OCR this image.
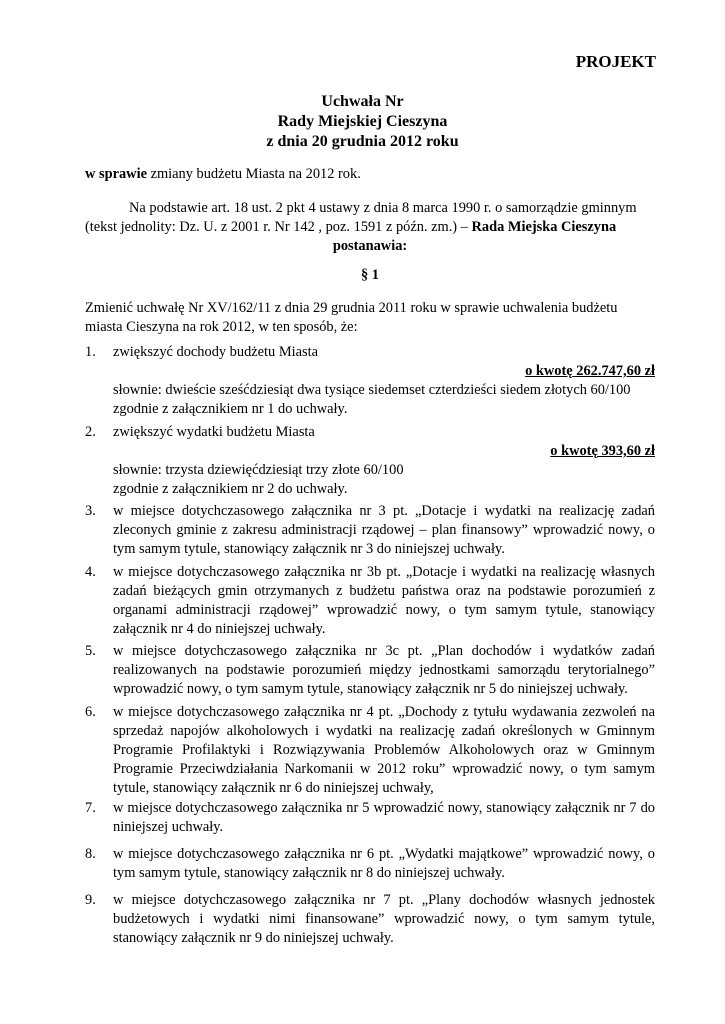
PROJEKT
Uchwała Nr
Rady Miejskiej Cieszyna
z dnia 20 grudnia 2012 roku
w sprawie zmiany budżetu Miasta na 2012 rok.
Na podstawie art. 18 ust. 2 pkt 4 ustawy z dnia 8 marca 1990 r. o samorządzie gminnym
(tekst jednolity: Dz. U. z 2001 r. Nr 142 , poz. 1591 z późn. zm.) – Rada Miejska Cieszyna
postanawia:
§ 1
Zmienić uchwałę Nr XV/162/11 z dnia 29 grudnia 2011 roku w sprawie uchwalenia budżetu
miasta Cieszyna na rok 2012, w ten sposób, że:
1.	zwiększyć dochody budżetu Miasta
o kwotę 262.747,60 zł
słownie: dwieście sześćdziesiąt dwa tysiące siedemset czterdzieści siedem złotych 60/100
zgodnie z załącznikiem nr 1 do uchwały.
2.	zwiększyć wydatki budżetu Miasta
o kwotę 393,60 zł
słownie: trzysta dziewięćdziesiąt trzy złote 60/100
zgodnie z załącznikiem nr 2 do uchwały.
3.	w miejsce dotychczasowego załącznika nr 3 pt. „Dotacje i wydatki na realizację zadań zleconych gminie z zakresu administracji rządowej – plan finansowy” wprowadzić nowy, o tym samym tytule, stanowiący załącznik nr 3 do niniejszej uchwały.
4.	w miejsce dotychczasowego załącznika nr 3b pt. „Dotacje i wydatki na realizację własnych zadań bieżących gmin otrzymanych z budżetu państwa oraz na podstawie porozumień z organami administracji rządowej” wprowadzić nowy, o tym samym tytule, stanowiący załącznik nr 4 do niniejszej uchwały.
5.	w miejsce dotychczasowego załącznika nr 3c pt. „Plan dochodów i wydatków zadań realizowanych na podstawie porozumień między jednostkami samorządu terytorialnego” wprowadzić nowy, o tym samym tytule, stanowiący załącznik nr 5 do niniejszej uchwały.
6.	w miejsce dotychczasowego załącznika nr 4 pt. „Dochody z tytułu wydawania zezwoleń na sprzedaż napojów alkoholowych i wydatki na realizację zadań określonych w Gminnym Programie Profilaktyki i Rozwiązywania Problemów Alkoholowych oraz w Gminnym Programie Przeciwdziałania Narkomanii w 2012 roku” wprowadzić nowy, o tym samym tytule, stanowiący załącznik nr 6 do niniejszej uchwały,
7.	w miejsce dotychczasowego załącznika nr 5 wprowadzić nowy, stanowiący załącznik nr 7 do niniejszej uchwały.
8.	w miejsce dotychczasowego załącznika nr 6 pt. „Wydatki majątkowe” wprowadzić nowy, o tym samym tytule, stanowiący załącznik nr 8 do niniejszej uchwały.
9.	w miejsce dotychczasowego załącznika nr 7 pt. „Plany dochodów własnych jednostek budżetowych i wydatki nimi finansowane” wprowadzić nowy, o tym samym tytule, stanowiący załącznik nr 9 do niniejszej uchwały.
